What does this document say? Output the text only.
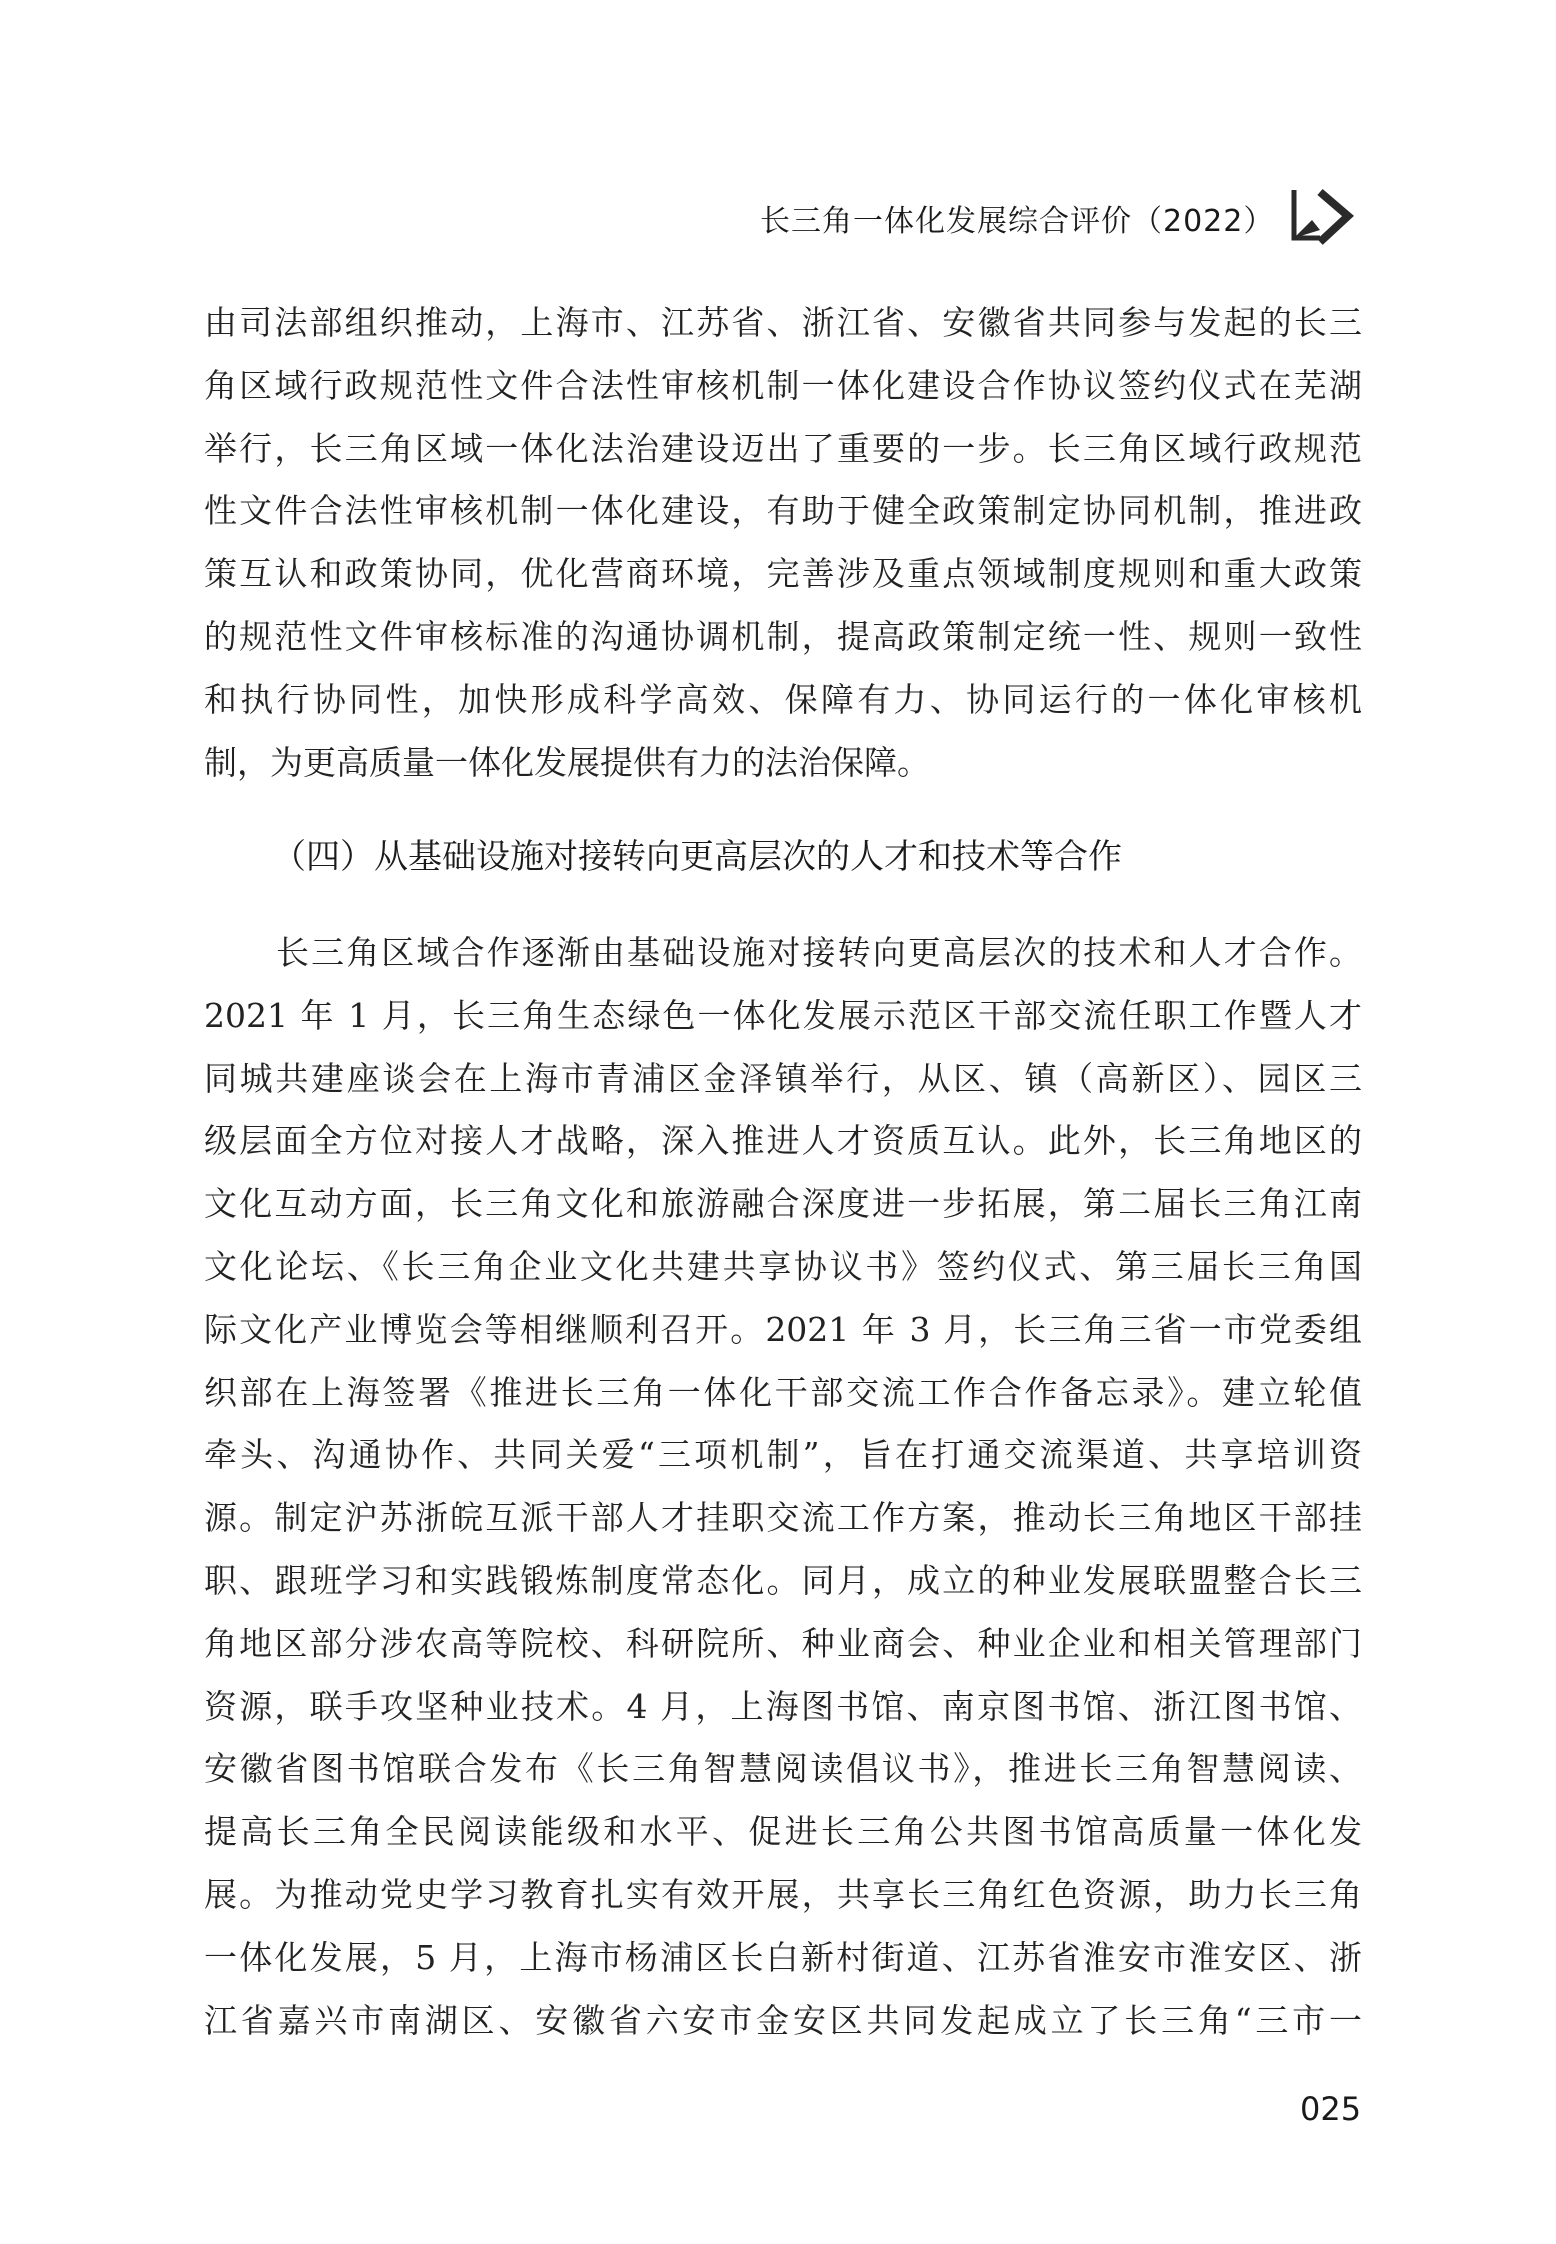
长三角一体化发展综合评价（2022）
由司法部组织推动，上海市、江苏省、浙江省、安徽省共同参与发起的长三
角区域行政规范性文件合法性审核机制一体化建设合作协议签约仪式在芜湖
举行，长三角区域一体化法治建设迈出了重要的一步。长三角区域行政规范
性文件合法性审核机制一体化建设，有助于健全政策制定协同机制，推进政
策互认和政策协同，优化营商环境，完善涉及重点领域制度规则和重大政策
的规范性文件审核标准的沟通协调机制，提高政策制定统一性、规则一致性
和执行协同性，加快形成科学高效、保障有力、协同运行的一体化审核机
制，为更高质量一体化发展提供有力的法治保障。
（四）从基础设施对接转向更高层次的人才和技术等合作
长三角区域合作逐渐由基础设施对接转向更高层次的技术和人才合作。
2021 年 1 月，长三角生态绿色一体化发展示范区干部交流任职工作暨人才
同城共建座谈会在上海市青浦区金泽镇举行，从区、镇（高新区）、园区三
级层面全方位对接人才战略，深入推进人才资质互认。此外，长三角地区的
文化互动方面，长三角文化和旅游融合深度进一步拓展，第二届长三角江南
文化论坛、《长三角企业文化共建共享协议书》签约仪式、第三届长三角国
际文化产业博览会等相继顺利召开。2021 年 3 月，长三角三省一市党委组
织部在上海签署《推进长三角一体化干部交流工作合作备忘录》。建立轮值
牵头、沟通协作、共同关爱“三项机制”，旨在打通交流渠道、共享培训资
源。制定沪苏浙皖互派干部人才挂职交流工作方案，推动长三角地区干部挂
职、跟班学习和实践锻炼制度常态化。同月，成立的种业发展联盟整合长三
角地区部分涉农高等院校、科研院所、种业商会、种业企业和相关管理部门
资源，联手攻坚种业技术。4 月，上海图书馆、南京图书馆、浙江图书馆、
安徽省图书馆联合发布《长三角智慧阅读倡议书》，推进长三角智慧阅读、
提高长三角全民阅读能级和水平、促进长三角公共图书馆高质量一体化发
展。为推动党史学习教育扎实有效开展，共享长三角红色资源，助力长三角
一体化发展，5 月，上海市杨浦区长白新村街道、江苏省淮安市淮安区、浙
江省嘉兴市南湖区、安徽省六安市金安区共同发起成立了长三角“三市一
025
